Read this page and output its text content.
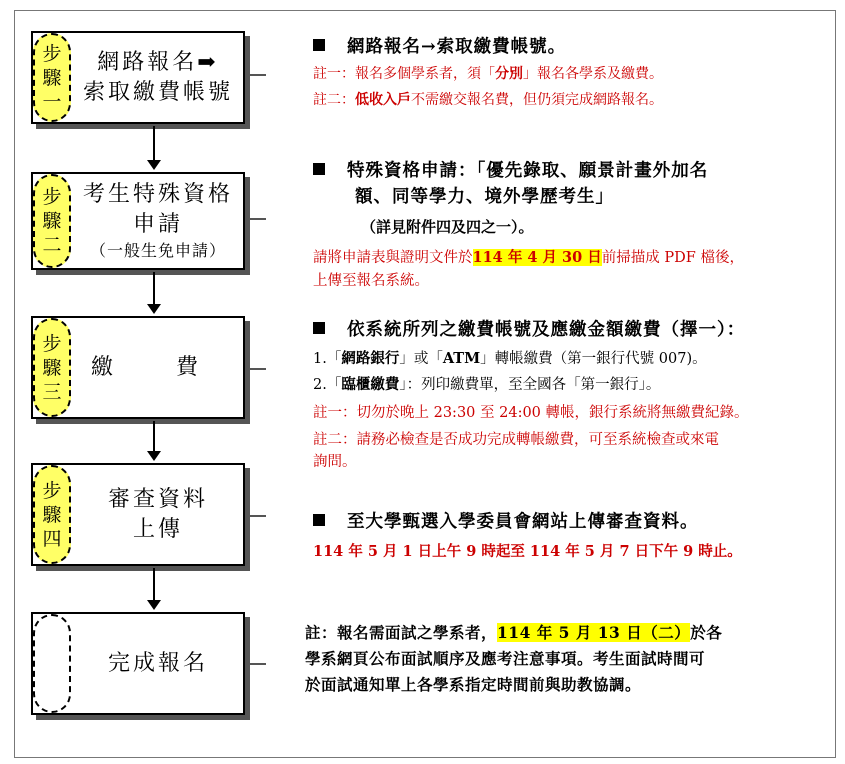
步
驟
一
網路報名➡
索取繳費帳號
步
驟
二
考生特殊資格
申請
（一般生免申請）
步
驟
三
繳	費
步
驟
四
審查資料
上傳
完成報名
網路報名→索取繳費帳號。
註一：報名多個學系者，須「分別」報名各學系及繳費。
註二：低收入戶不需繳交報名費，但仍須完成網路報名。
特殊資格申請：「優先錄取、願景計畫外加名
額、同等學力、境外學歷考生」
（詳見附件四及四之一）。
請將申請表與證明文件於114 年 4 月 30 日前掃描成 PDF 檔後，
上傳至報名系統。
依系統所列之繳費帳號及應繳金額繳費（擇一）：
1.「網路銀行」或「ATM」轉帳繳費（第一銀行代號 007)。
2.「臨櫃繳費」：列印繳費單，至全國各「第一銀行」。
註一：切勿於晚上 23:30 至 24:00 轉帳，銀行系統將無繳費紀錄。
註二：請務必檢查是否成功完成轉帳繳費，可至系統檢查或來電
詢問。
至大學甄選入學委員會網站上傳審查資料。
114 年 5 月 1 日上午 9 時起至 114 年 5 月 7 日下午 9 時止。
註：報名需面試之學系者，114 年 5 月 13 日（二）於各
學系網頁公布面試順序及應考注意事項。考生面試時間可
於面試通知單上各學系指定時間前與助教協調。
